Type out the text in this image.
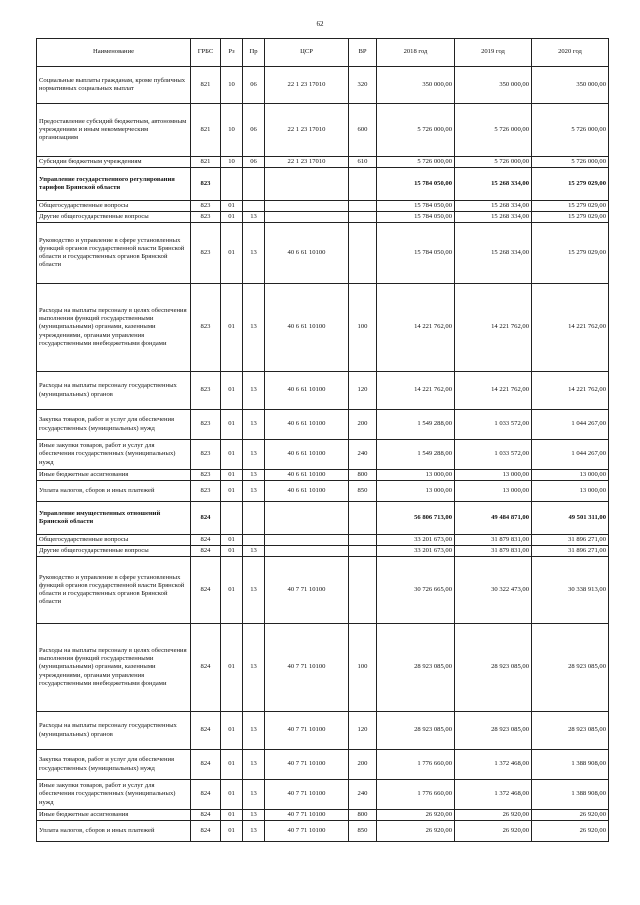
62
Наименование	ГРБС	Рз	Пр	ЦСР	ВР	2018 год	2019 год	2020 год
Социальные выплаты гражданам, кроме публичных нормативных социальных выплат	821	10	06	22 1 23 17010	320	350 000,00	350 000,00	350 000,00
Предоставление субсидий бюджетным, автономным учреждениям и иным некоммерческим организациям	821	10	06	22 1 23 17010	600	5 726 000,00	5 726 000,00	5 726 000,00
Субсидии бюджетным учреждениям	821	10	06	22 1 23 17010	610	5 726 000,00	5 726 000,00	5 726 000,00
Управление государственного регулирования тарифов Брянской области	823					15 784 050,00	15 268 334,00	15 279 029,00
Общегосударственные вопросы	823	01				15 784 050,00	15 268 334,00	15 279 029,00
Другие общегосударственные вопросы	823	01	13			15 784 050,00	15 268 334,00	15 279 029,00
Руководство и управление в сфере установленных функций органов государственной власти Брянской области и государственных органов Брянской области	823	01	13	40 6 61 10100		15 784 050,00	15 268 334,00	15 279 029,00
Расходы на выплаты персоналу в целях обеспечения выполнения функций государственными (муниципальными) органами, казенными учреждениями, органами управления государственными внебюджетными фондами	823	01	13	40 6 61 10100	100	14 221 762,00	14 221 762,00	14 221 762,00
Расходы на выплаты персоналу государственных (муниципальных) органов	823	01	13	40 6 61 10100	120	14 221 762,00	14 221 762,00	14 221 762,00
Закупка товаров, работ и услуг для обеспечения государственных (муниципальных) нужд	823	01	13	40 6 61 10100	200	1 549 288,00	1 033 572,00	1 044 267,00
Иные закупки товаров, работ и услуг для обеспечения государственных (муниципальных) нужд	823	01	13	40 6 61 10100	240	1 549 288,00	1 033 572,00	1 044 267,00
Иные бюджетные ассигнования	823	01	13	40 6 61 10100	800	13 000,00	13 000,00	13 000,00
Уплата налогов, сборов и иных платежей	823	01	13	40 6 61 10100	850	13 000,00	13 000,00	13 000,00
Управление имущественных отношений Брянской области	824					56 806 713,00	49 484 871,00	49 501 311,00
Общегосударственные вопросы	824	01				33 201 673,00	31 879 831,00	31 896 271,00
Другие общегосударственные вопросы	824	01	13			33 201 673,00	31 879 831,00	31 896 271,00
Руководство и управление в сфере установленных функций органов государственной власти Брянской области и государственных органов Брянской области	824	01	13	40 7 71 10100		30 726 665,00	30 322 473,00	30 338 913,00
Расходы на выплаты персоналу в целях обеспечения выполнения функций государственными (муниципальными) органами, казенными учреждениями, органами управления государственными внебюджетными фондами	824	01	13	40 7 71 10100	100	28 923 085,00	28 923 085,00	28 923 085,00
Расходы на выплаты персоналу государственных (муниципальных) органов	824	01	13	40 7 71 10100	120	28 923 085,00	28 923 085,00	28 923 085,00
Закупка товаров, работ и услуг для обеспечения государственных (муниципальных) нужд	824	01	13	40 7 71 10100	200	1 776 660,00	1 372 468,00	1 388 908,00
Иные закупки товаров, работ и услуг для обеспечения государственных (муниципальных) нужд	824	01	13	40 7 71 10100	240	1 776 660,00	1 372 468,00	1 388 908,00
Иные бюджетные ассигнования	824	01	13	40 7 71 10100	800	26 920,00	26 920,00	26 920,00
Уплата налогов, сборов и иных платежей	824	01	13	40 7 71 10100	850	26 920,00	26 920,00	26 920,00
